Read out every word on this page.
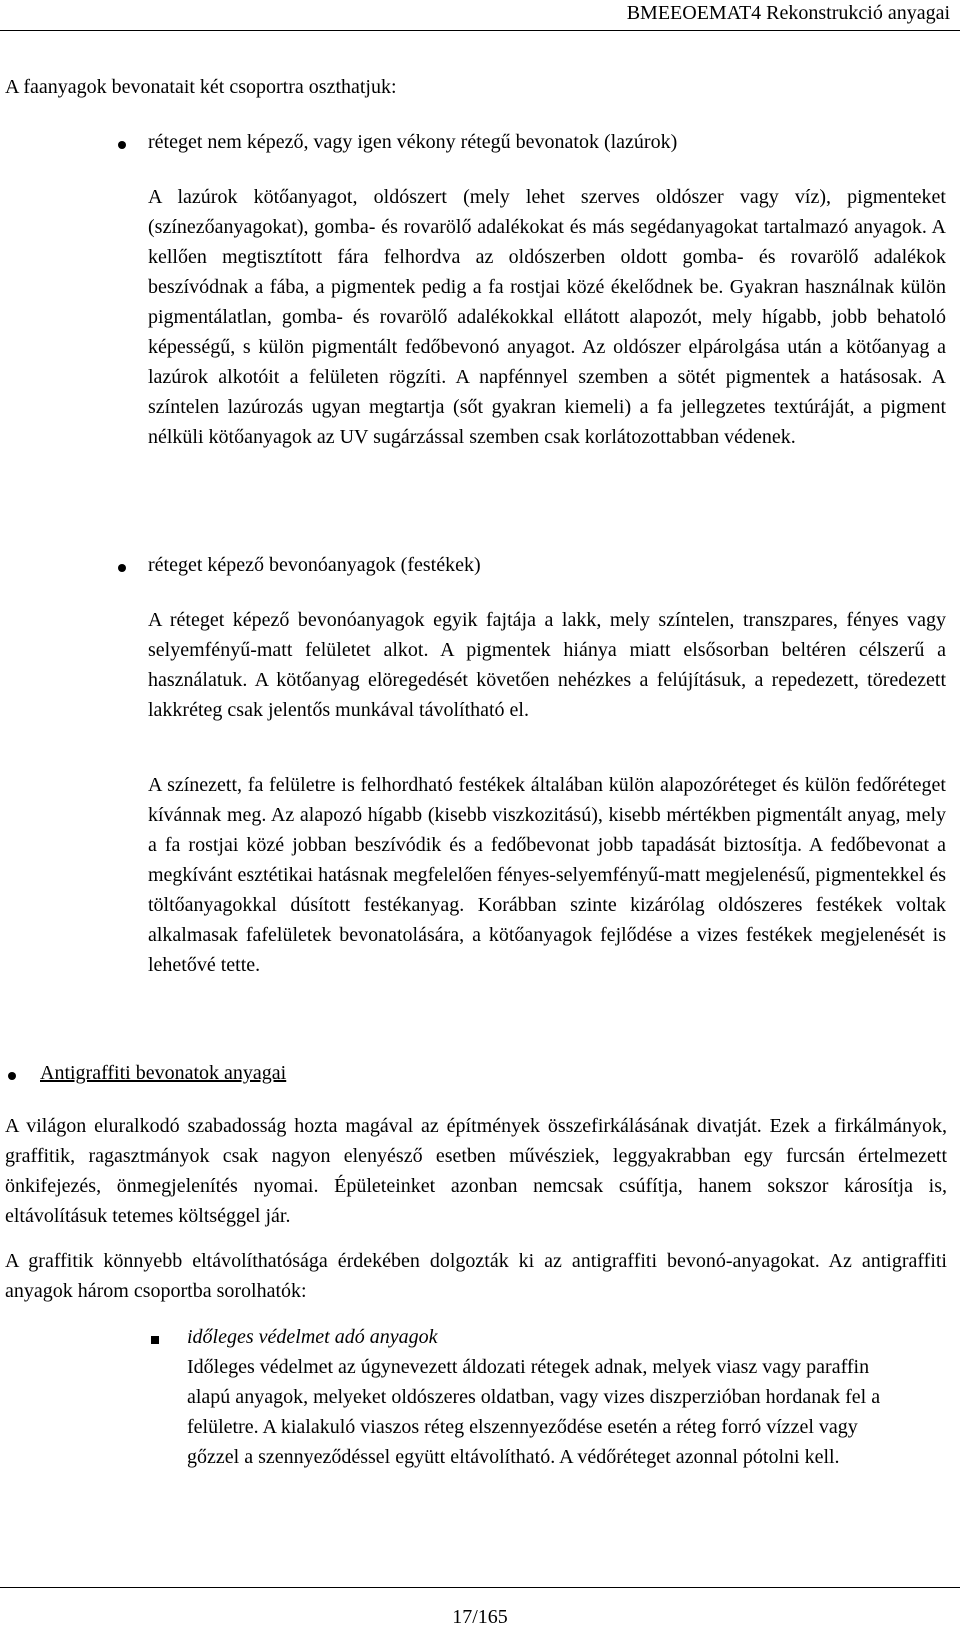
BMEEOEMAT4 Rekonstrukció anyagai

A faanyagok bevonatait két csoportra oszthatjuk:

réteget nem képező, vagy igen vékony rétegű bevonatok (lazúrok)

A lazúrok kötőanyagot, oldószert (mely lehet szerves oldószer vagy víz), pigmenteket (színezőanyagokat), gomba- és rovarölő adalékokat és más segédanyagokat tartalmazó anyagok. A kellően megtisztított fára felhordva az oldószerben oldott gomba- és rovarölő adalékok beszívódnak a fába, a pigmentek pedig a fa rostjai közé ékelődnek be. Gyakran használnak külön pigmentálatlan, gomba- és rovarölő adalékokkal ellátott alapozót, mely hígabb, jobb behatoló képességű, s külön pigmentált fedőbevonó anyagot. Az oldószer elpárolgása után a kötőanyag a lazúrok alkotóit a felületen rögzíti. A napfénnyel szemben a sötét pigmentek a hatásosak. A színtelen lazúrozás ugyan megtartja (sőt gyakran kiemeli) a fa jellegzetes textúráját, a pigment nélküli kötőanyagok az UV sugárzással szemben csak korlátozottabban védenek.

réteget képező bevonóanyagok (festékek)

A réteget képező bevonóanyagok egyik fajtája a lakk, mely színtelen, transzpares, fényes vagy selyemfényű-matt felületet alkot. A pigmentek hiánya miatt elsősorban beltéren célszerű a használatuk. A kötőanyag elöregedését követően nehézkes a felújításuk, a repedezett, töredezett lakkréteg csak jelentős munkával távolítható el.

A színezett, fa felületre is felhordható festékek általában külön alapozóréteget és külön fedőréteget kívánnak meg. Az alapozó hígabb (kisebb viszkozitású), kisebb mértékben pigmentált anyag, mely a fa rostjai közé jobban beszívódik és a fedőbevonat jobb tapadását biztosítja. A fedőbevonat a megkívánt esztétikai hatásnak megfelelően fényes-selyemfényű-matt megjelenésű, pigmentekkel és töltőanyagokkal dúsított festékanyag. Korábban szinte kizárólag oldószeres festékek voltak alkalmasak fafelületek bevonatolására, a kötőanyagok fejlődése a vizes festékek megjelenését is lehetővé tette.

Antigraffiti bevonatok anyagai

A világon eluralkodó szabadosság hozta magával az építmények összefirkálásának divatját. Ezek a firkálmányok, graffitik, ragasztmányok csak nagyon elenyésző esetben művésziek, leggyakrabban egy furcsán értelmezett önkifejezés, önmegjelenítés nyomai. Épületeinket azonban nemcsak csúfítja, hanem sokszor károsítja is, eltávolításuk tetemes költséggel jár.

A graffitik könnyebb eltávolíthatósága érdekében dolgozták ki az antigraffiti bevonó-anyagokat. Az antigraffiti anyagok három csoportba sorolhatók:

időleges védelmet adó anyagok

Időleges védelmet az úgynevezett áldozati rétegek adnak, melyek viasz vagy paraffin alapú anyagok, melyeket oldószeres oldatban, vagy vizes diszperzióban hordanak fel a felületre. A kialakuló viaszos réteg elszennyeződése esetén a réteg forró vízzel vagy gőzzel a szennyeződéssel együtt eltávolítható. A védőréteget azonnal pótolni kell.

17/165
